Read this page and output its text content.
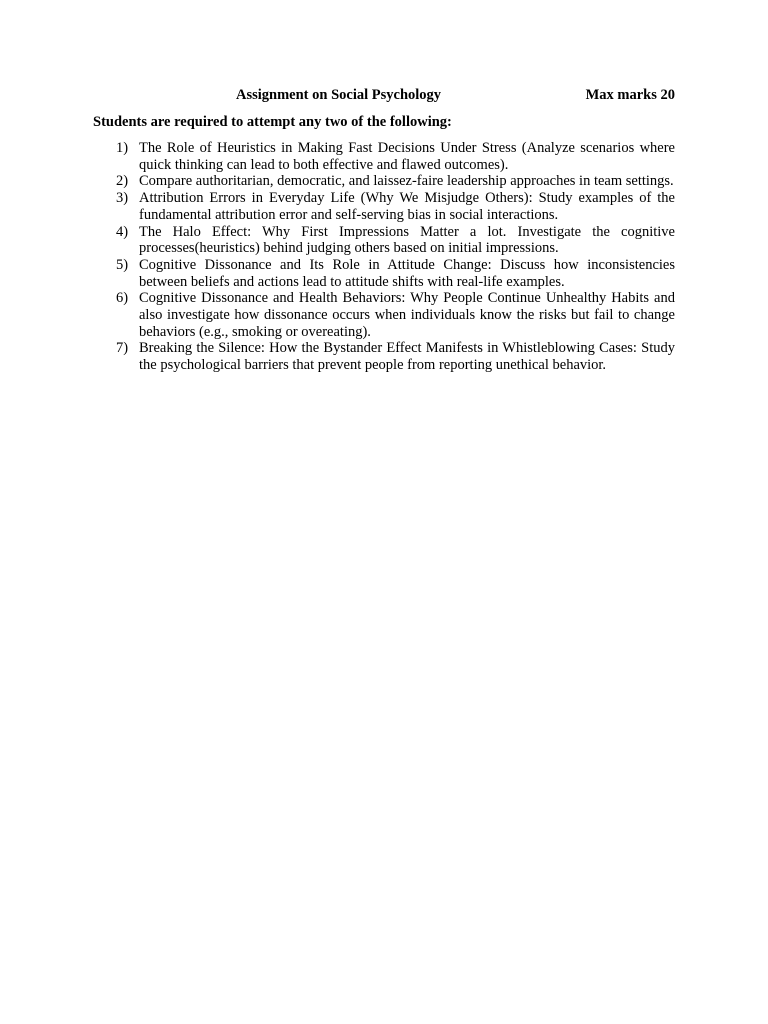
Assignment on Social Psychology	Max marks 20
Students are required to attempt any two of the following:
1) The Role of Heuristics in Making Fast Decisions Under Stress (Analyze scenarios where quick thinking can lead to both effective and flawed outcomes).
2) Compare authoritarian, democratic, and laissez-faire leadership approaches in team settings.
3) Attribution Errors in Everyday Life (Why We Misjudge Others): Study examples of the fundamental attribution error and self-serving bias in social interactions.
4) The Halo Effect: Why First Impressions Matter a lot. Investigate the cognitive processes(heuristics) behind judging others based on initial impressions.
5) Cognitive Dissonance and Its Role in Attitude Change: Discuss how inconsistencies between beliefs and actions lead to attitude shifts with real-life examples.
6) Cognitive Dissonance and Health Behaviors: Why People Continue Unhealthy Habits and also investigate how dissonance occurs when individuals know the risks but fail to change behaviors (e.g., smoking or overeating).
7) Breaking the Silence: How the Bystander Effect Manifests in Whistleblowing Cases: Study the psychological barriers that prevent people from reporting unethical behavior.
